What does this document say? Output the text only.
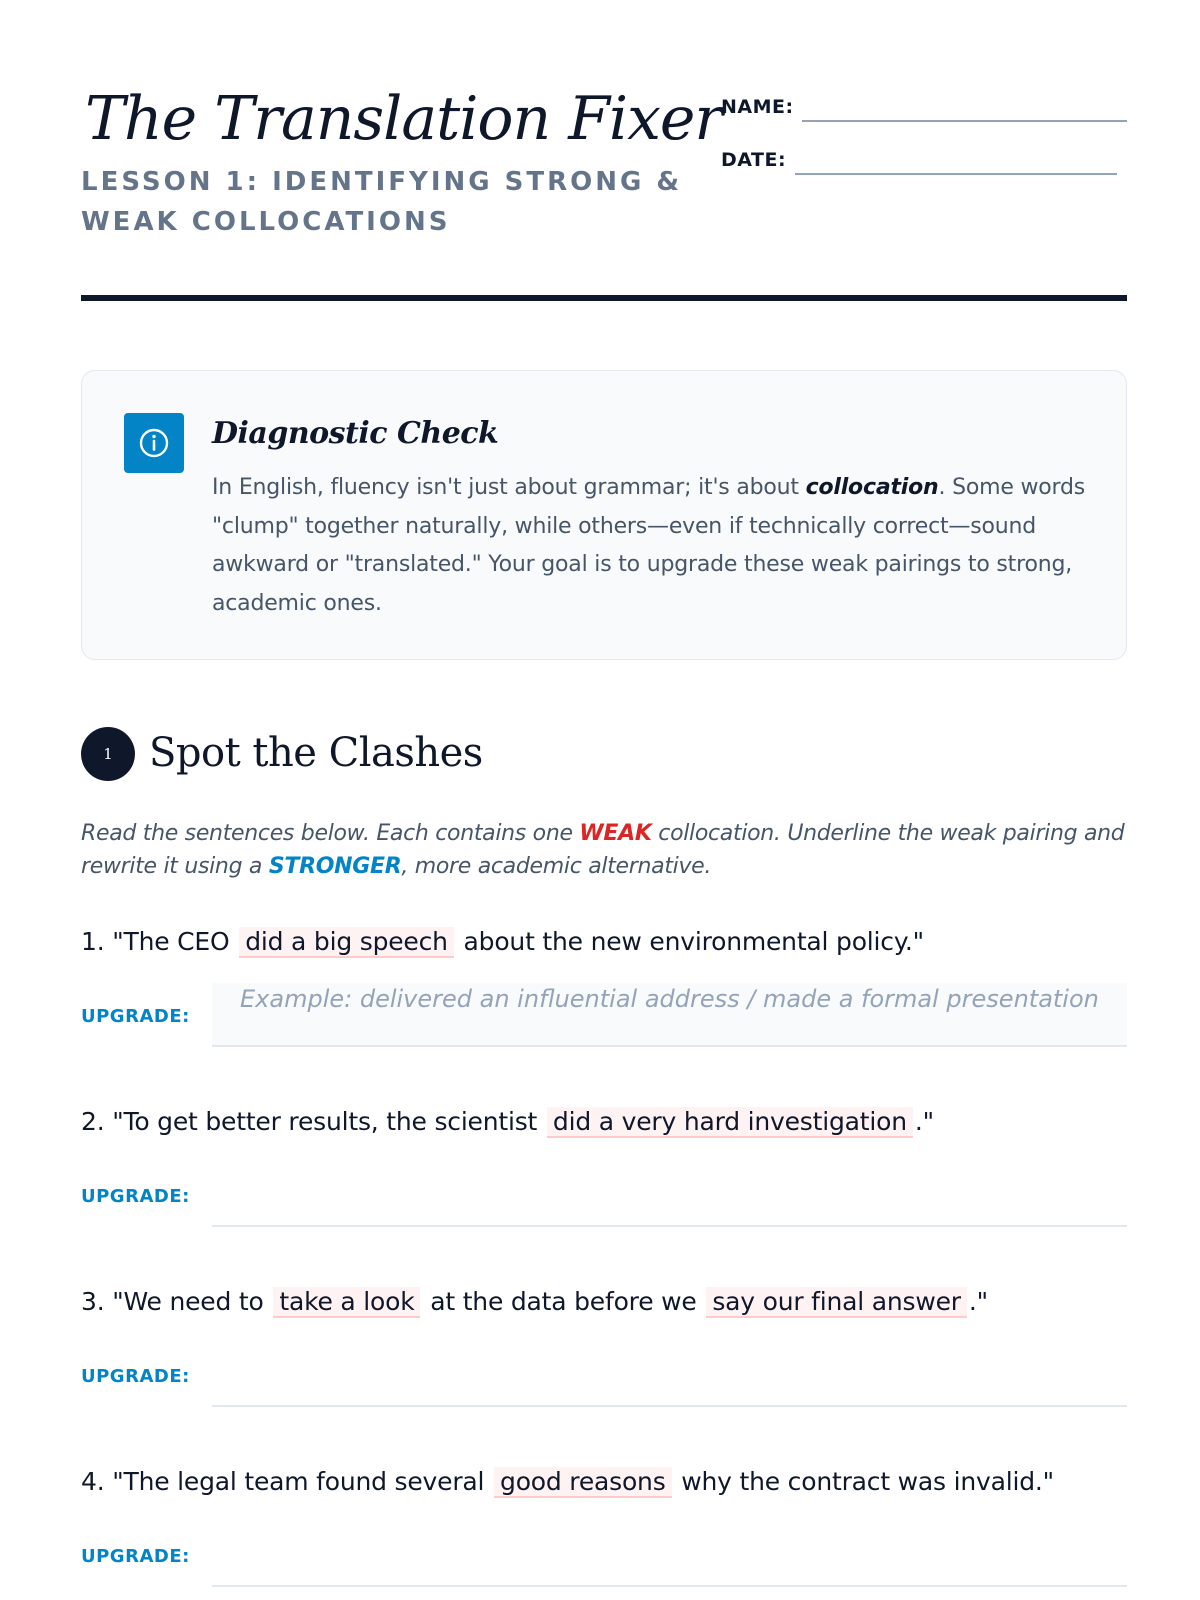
The Translation Fixer
LESSON 1: IDENTIFYING STRONG & WEAK COLLOCATIONS
NAME:
DATE:
Diagnostic Check
In English, fluency isn't just about grammar; it's about collocation. Some words "clump" together naturally, while others—even if technically correct—sound awkward or "translated." Your goal is to upgrade these weak pairings to strong, academic ones.
1 Spot the Clashes
Read the sentences below. Each contains one WEAK collocation. Underline the weak pairing and rewrite it using a STRONGER, more academic alternative.
1. "The CEO did a big speech about the new environmental policy."
UPGRADE:
Example: delivered an influential address / made a formal presentation
2. "To get better results, the scientist did a very hard investigation ."
UPGRADE:
3. "We need to take a look at the data before we say our final answer ."
UPGRADE:
4. "The legal team found several good reasons why the contract was invalid."
UPGRADE:
